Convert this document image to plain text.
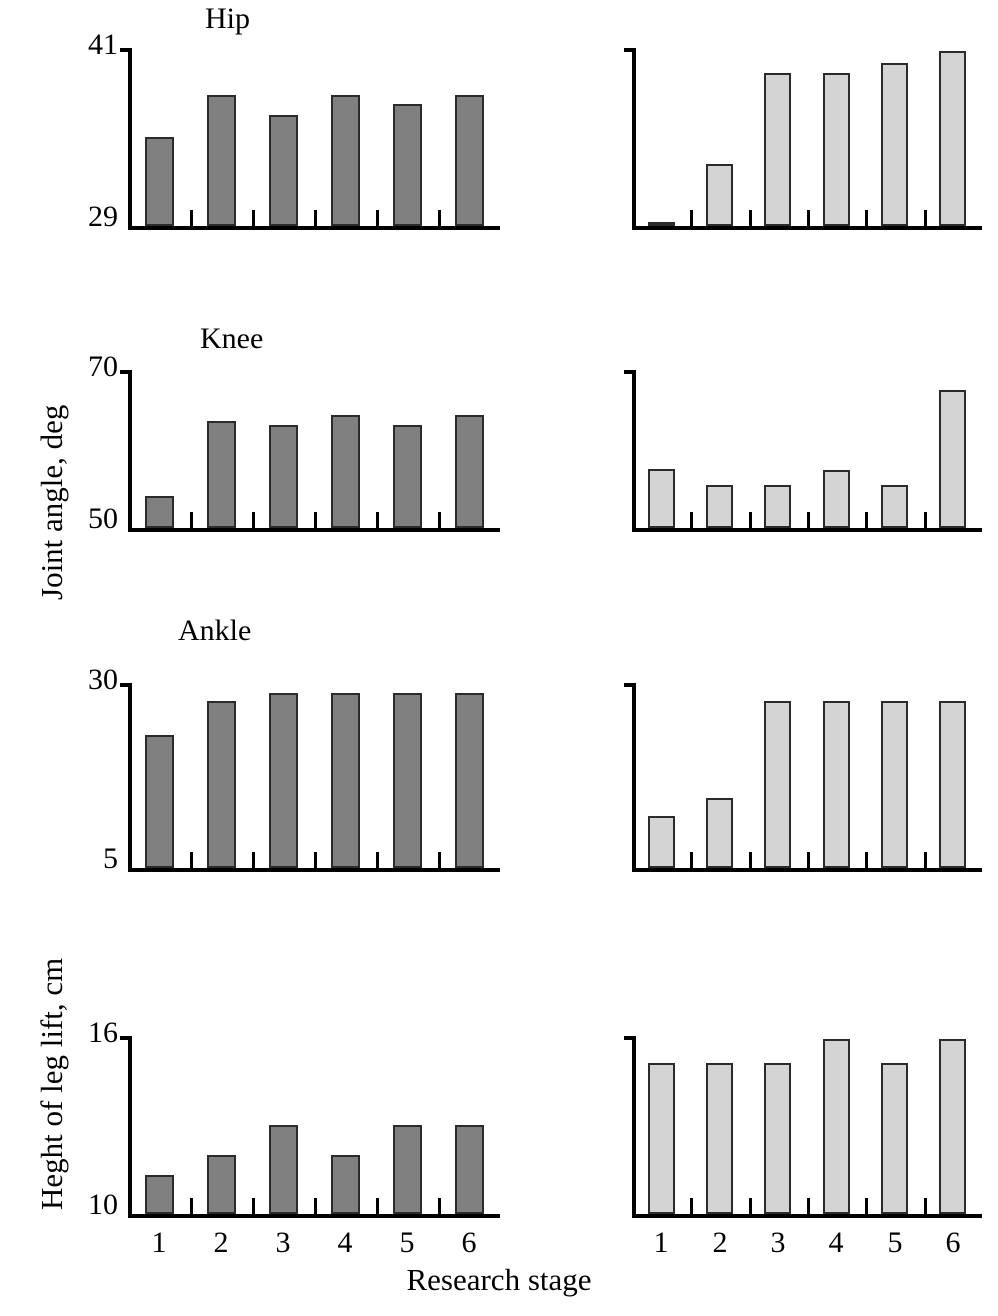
Joint angle, deg
Heght of leg lift, cm
Research stage
Hip
41
29
Knee
70
50
Ankle
30
5
16
10
1	2	3	4	5	6	1	2	3	4	5	6
